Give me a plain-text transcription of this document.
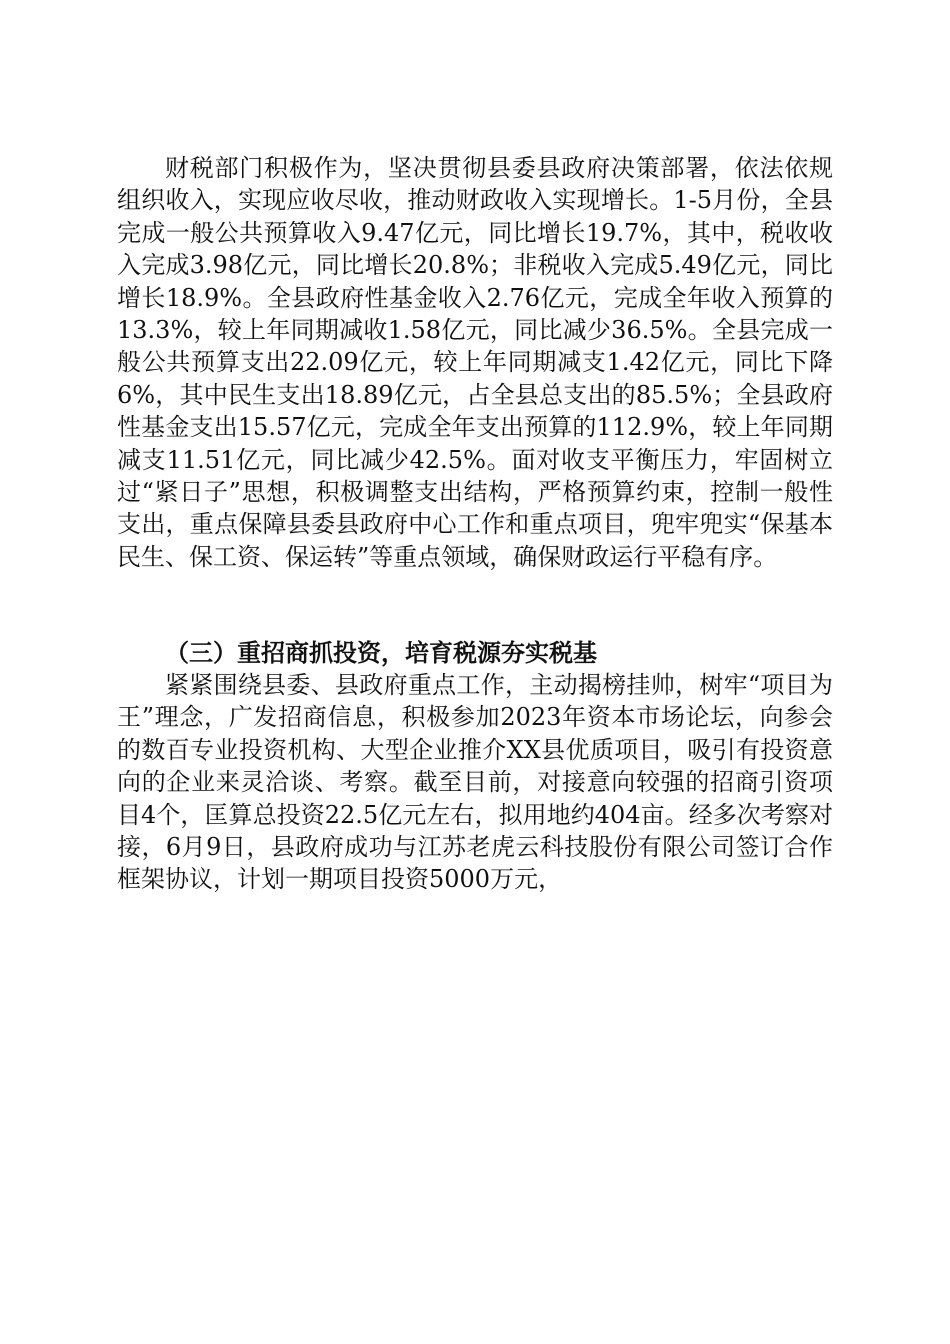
财税部门积极作为，坚决贯彻县委县政府决策部署，依法依规组织收入，实现应收尽收，推动财政收入实现增长。1-5月份，全县完成一般公共预算收入9.47亿元，同比增长19.7%，其中，税收收入完成3.98亿元，同比增长20.8%；非税收入完成5.49亿元，同比增长18.9%。全县政府性基金收入2.76亿元，完成全年收入预算的13.3%，较上年同期减收1.58亿元，同比减少36.5%。全县完成一般公共预算支出22.09亿元，较上年同期减支1.42亿元，同比下降6%，其中民生支出18.89亿元，占全县总支出的85.5%；全县政府性基金支出15.57亿元，完成全年支出预算的112.9%，较上年同期减支11.51亿元，同比减少42.5%。面对收支平衡压力，牢固树立过“紧日子”思想，积极调整支出结构，严格预算约束，控制一般性支出，重点保障县委县政府中心工作和重点项目，兜牢兜实“保基本民生、保工资、保运转”等重点领域，确保财政运行平稳有序。

（三）重招商抓投资，培育税源夯实税基

紧紧围绕县委、县政府重点工作，主动揭榜挂帅，树牢“项目为王”理念，广发招商信息，积极参加2023年资本市场论坛，向参会的数百专业投资机构、大型企业推介XX县优质项目，吸引有投资意向的企业来灵洽谈、考察。截至目前，对接意向较强的招商引资项目4个，匡算总投资22.5亿元左右，拟用地约404亩。经多次考察对接，6月9日，县政府成功与江苏老虎云科技股份有限公司签订合作框架协议，计划一期项目投资5000万元，
